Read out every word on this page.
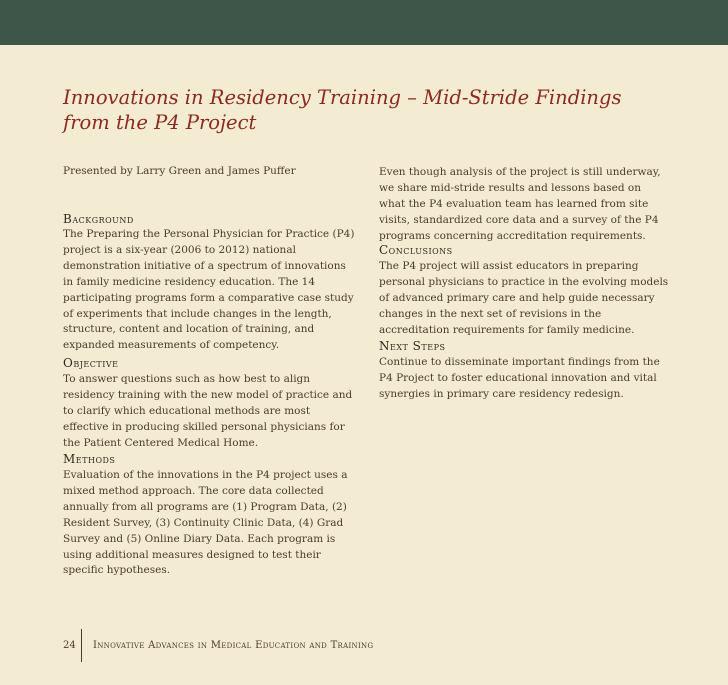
Innovations in Residency Training – Mid-Stride Findings from the P4 Project
Presented by Larry Green and James Puffer
Background

The Preparing the Personal Physician for Practice (P4) project is a six-year (2006 to 2012) national demonstration initiative of a spectrum of innovations in family medicine residency education. The 14 participating programs form a comparative case study of experiments that include changes in the length, structure, content and location of training, and expanded measurements of competency.

Objective

To answer questions such as how best to align residency training with the new model of practice and to clarify which educational methods are most effective in producing skilled personal physicians for the Patient Centered Medical Home.

Methods

Evaluation of the innovations in the P4 project uses a mixed method approach. The core data collected annually from all programs are (1) Program Data, (2) Resident Survey, (3) Continuity Clinic Data, (4) Grad Survey and (5) Online Diary Data. Each program is using additional measures designed to test their specific hypotheses.

Even though analysis of the project is still underway, we share mid-stride results and lessons based on what the P4 evaluation team has learned from site visits, standardized core data and a survey of the P4 programs concerning accreditation requirements.

Conclusions

The P4 project will assist educators in preparing personal physicians to practice in the evolving models of advanced primary care and help guide necessary changes in the next set of revisions in the accreditation requirements for family medicine.

Next Steps

Continue to disseminate important findings from the P4 Project to foster educational innovation and vital synergies in primary care residency redesign.

24 Innovative Advances in Medical Education and Training
